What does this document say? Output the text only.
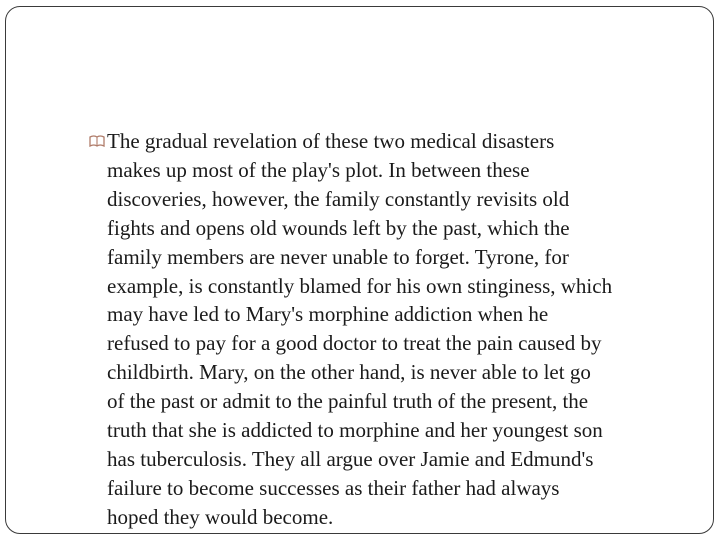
The gradual revelation of these two medical disasters
makes up most of the play's plot. In between these
discoveries, however, the family constantly revisits old
fights and opens old wounds left by the past, which the
family members are never unable to forget. Tyrone, for
example, is constantly blamed for his own stinginess, which
may have led to Mary's morphine addiction when he
refused to pay for a good doctor to treat the pain caused by
childbirth. Mary, on the other hand, is never able to let go
of the past or admit to the painful truth of the present, the
truth that she is addicted to morphine and her youngest son
has tuberculosis. They all argue over Jamie and Edmund's
failure to become successes as their father had always
hoped they would become.
